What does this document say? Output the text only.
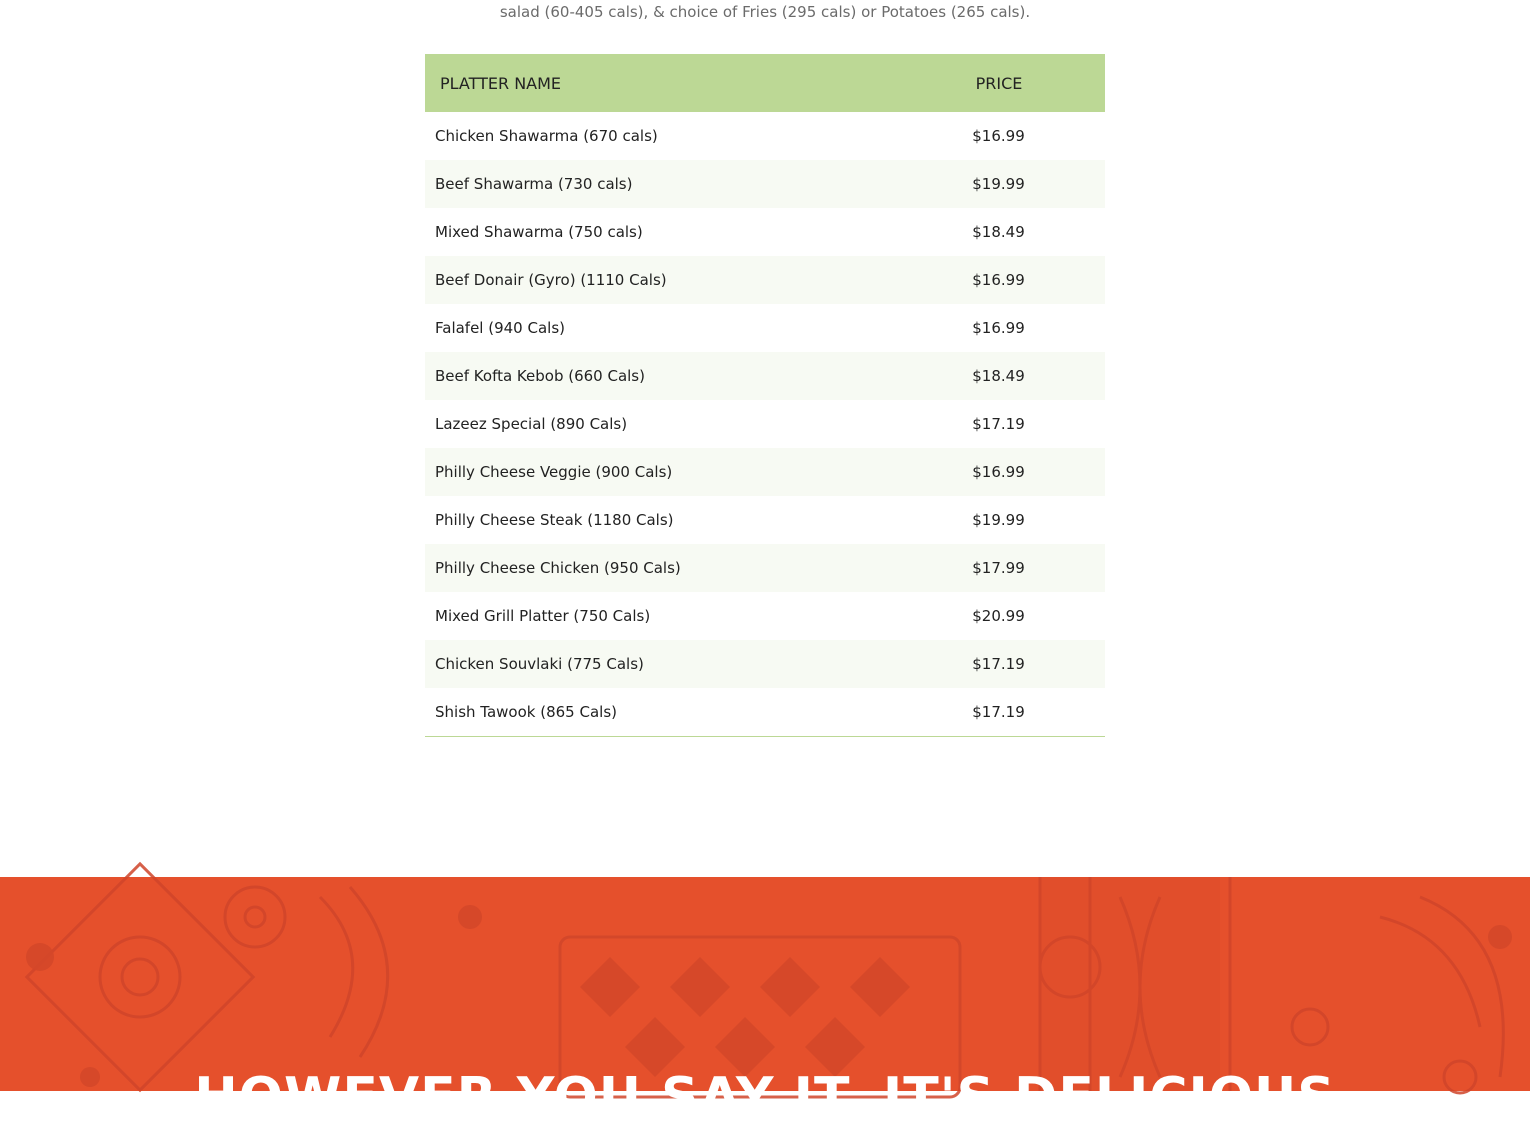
salad (60-405 cals), & choice of Fries (295 cals) or Potatoes (265 cals).
PLATTER NAME	PRICE
Chicken Shawarma (670 cals)	$16.99
Beef Shawarma (730 cals)	$19.99
Mixed Shawarma (750 cals)	$18.49
Beef Donair (Gyro) (1110 Cals)	$16.99
Falafel (940 Cals)	$16.99
Beef Kofta Kebob (660 Cals)	$18.49
Lazeez Special (890 Cals)	$17.19
Philly Cheese Veggie (900 Cals)	$16.99
Philly Cheese Steak (1180 Cals)	$19.99
Philly Cheese Chicken (950 Cals)	$17.99
Mixed Grill Platter (750 Cals)	$20.99
Chicken Souvlaki (775 Cals)	$17.19
Shish Tawook (865 Cals)	$17.19
HOWEVER YOU SAY IT, IT'S DELICIOUS
